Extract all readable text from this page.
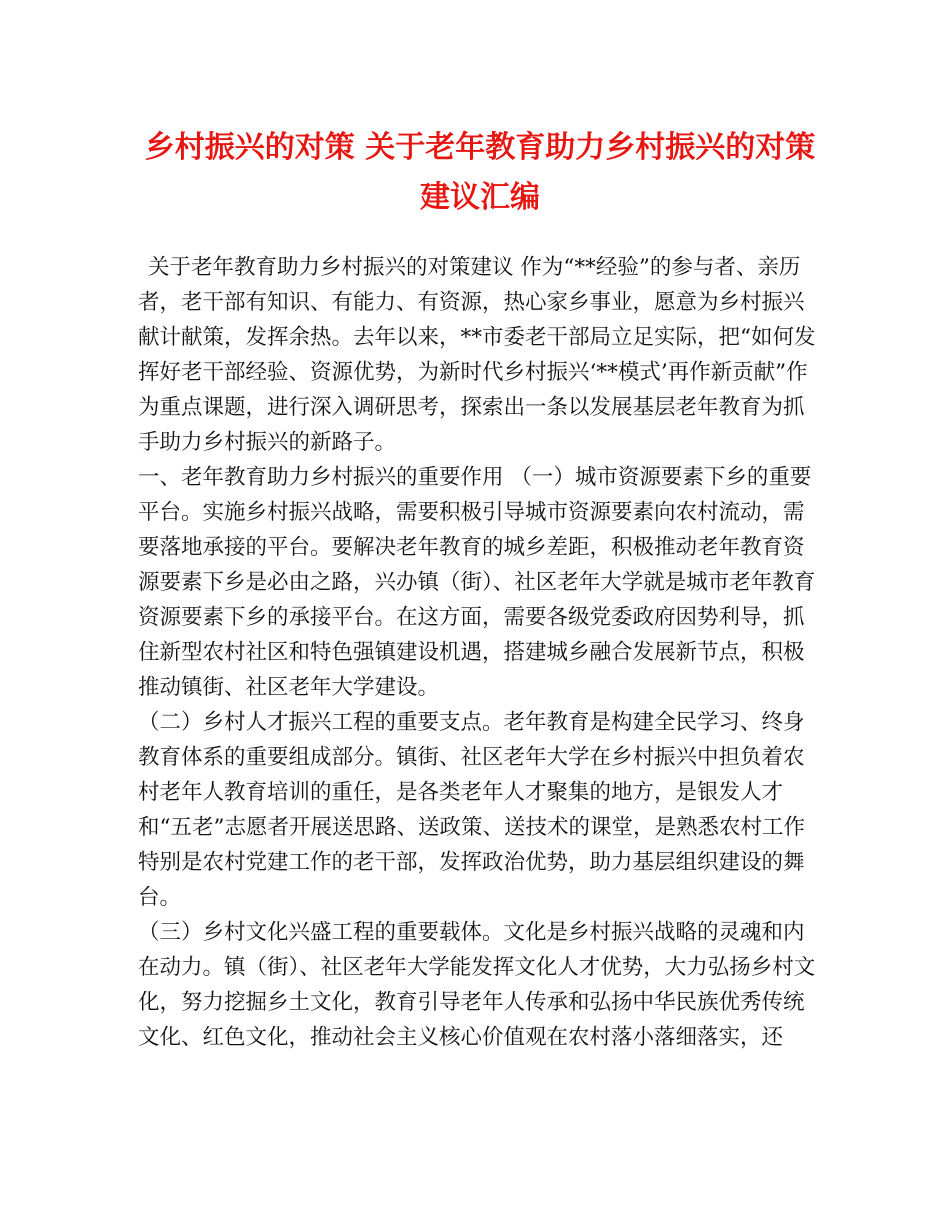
乡村振兴的对策 关于老年教育助力乡村振兴的对策建议汇编

关于老年教育助力乡村振兴的对策建议 作为“**经验”的参与者、亲历者，老干部有知识、有能力、有资源，热心家乡事业，愿意为乡村振兴献计献策，发挥余热。去年以来，**市委老干部局立足实际，把“如何发挥好老干部经验、资源优势，为新时代乡村振兴‘**模式’再作新贡献”作为重点课题，进行深入调研思考，探索出一条以发展基层老年教育为抓手助力乡村振兴的新路子。

一、老年教育助力乡村振兴的重要作用 （一）城市资源要素下乡的重要平台。实施乡村振兴战略，需要积极引导城市资源要素向农村流动，需要落地承接的平台。要解决老年教育的城乡差距，积极推动老年教育资源要素下乡是必由之路，兴办镇（街）、社区老年大学就是城市老年教育资源要素下乡的承接平台。在这方面，需要各级党委政府因势利导，抓住新型农村社区和特色强镇建设机遇，搭建城乡融合发展新节点，积极推动镇街、社区老年大学建设。

（二）乡村人才振兴工程的重要支点。老年教育是构建全民学习、终身教育体系的重要组成部分。镇街、社区老年大学在乡村振兴中担负着农村老年人教育培训的重任，是各类老年人才聚集的地方，是银发人才和“五老”志愿者开展送思路、送政策、送技术的课堂，是熟悉农村工作特别是农村党建工作的老干部，发挥政治优势，助力基层组织建设的舞台。

（三）乡村文化兴盛工程的重要载体。文化是乡村振兴战略的灵魂和内在动力。镇（街）、社区老年大学能发挥文化人才优势，大力弘扬乡村文化，努力挖掘乡土文化，教育引导老年人传承和弘扬中华民族优秀传统文化、红色文化，推动社会主义核心价值观在农村落小落细落实，还
